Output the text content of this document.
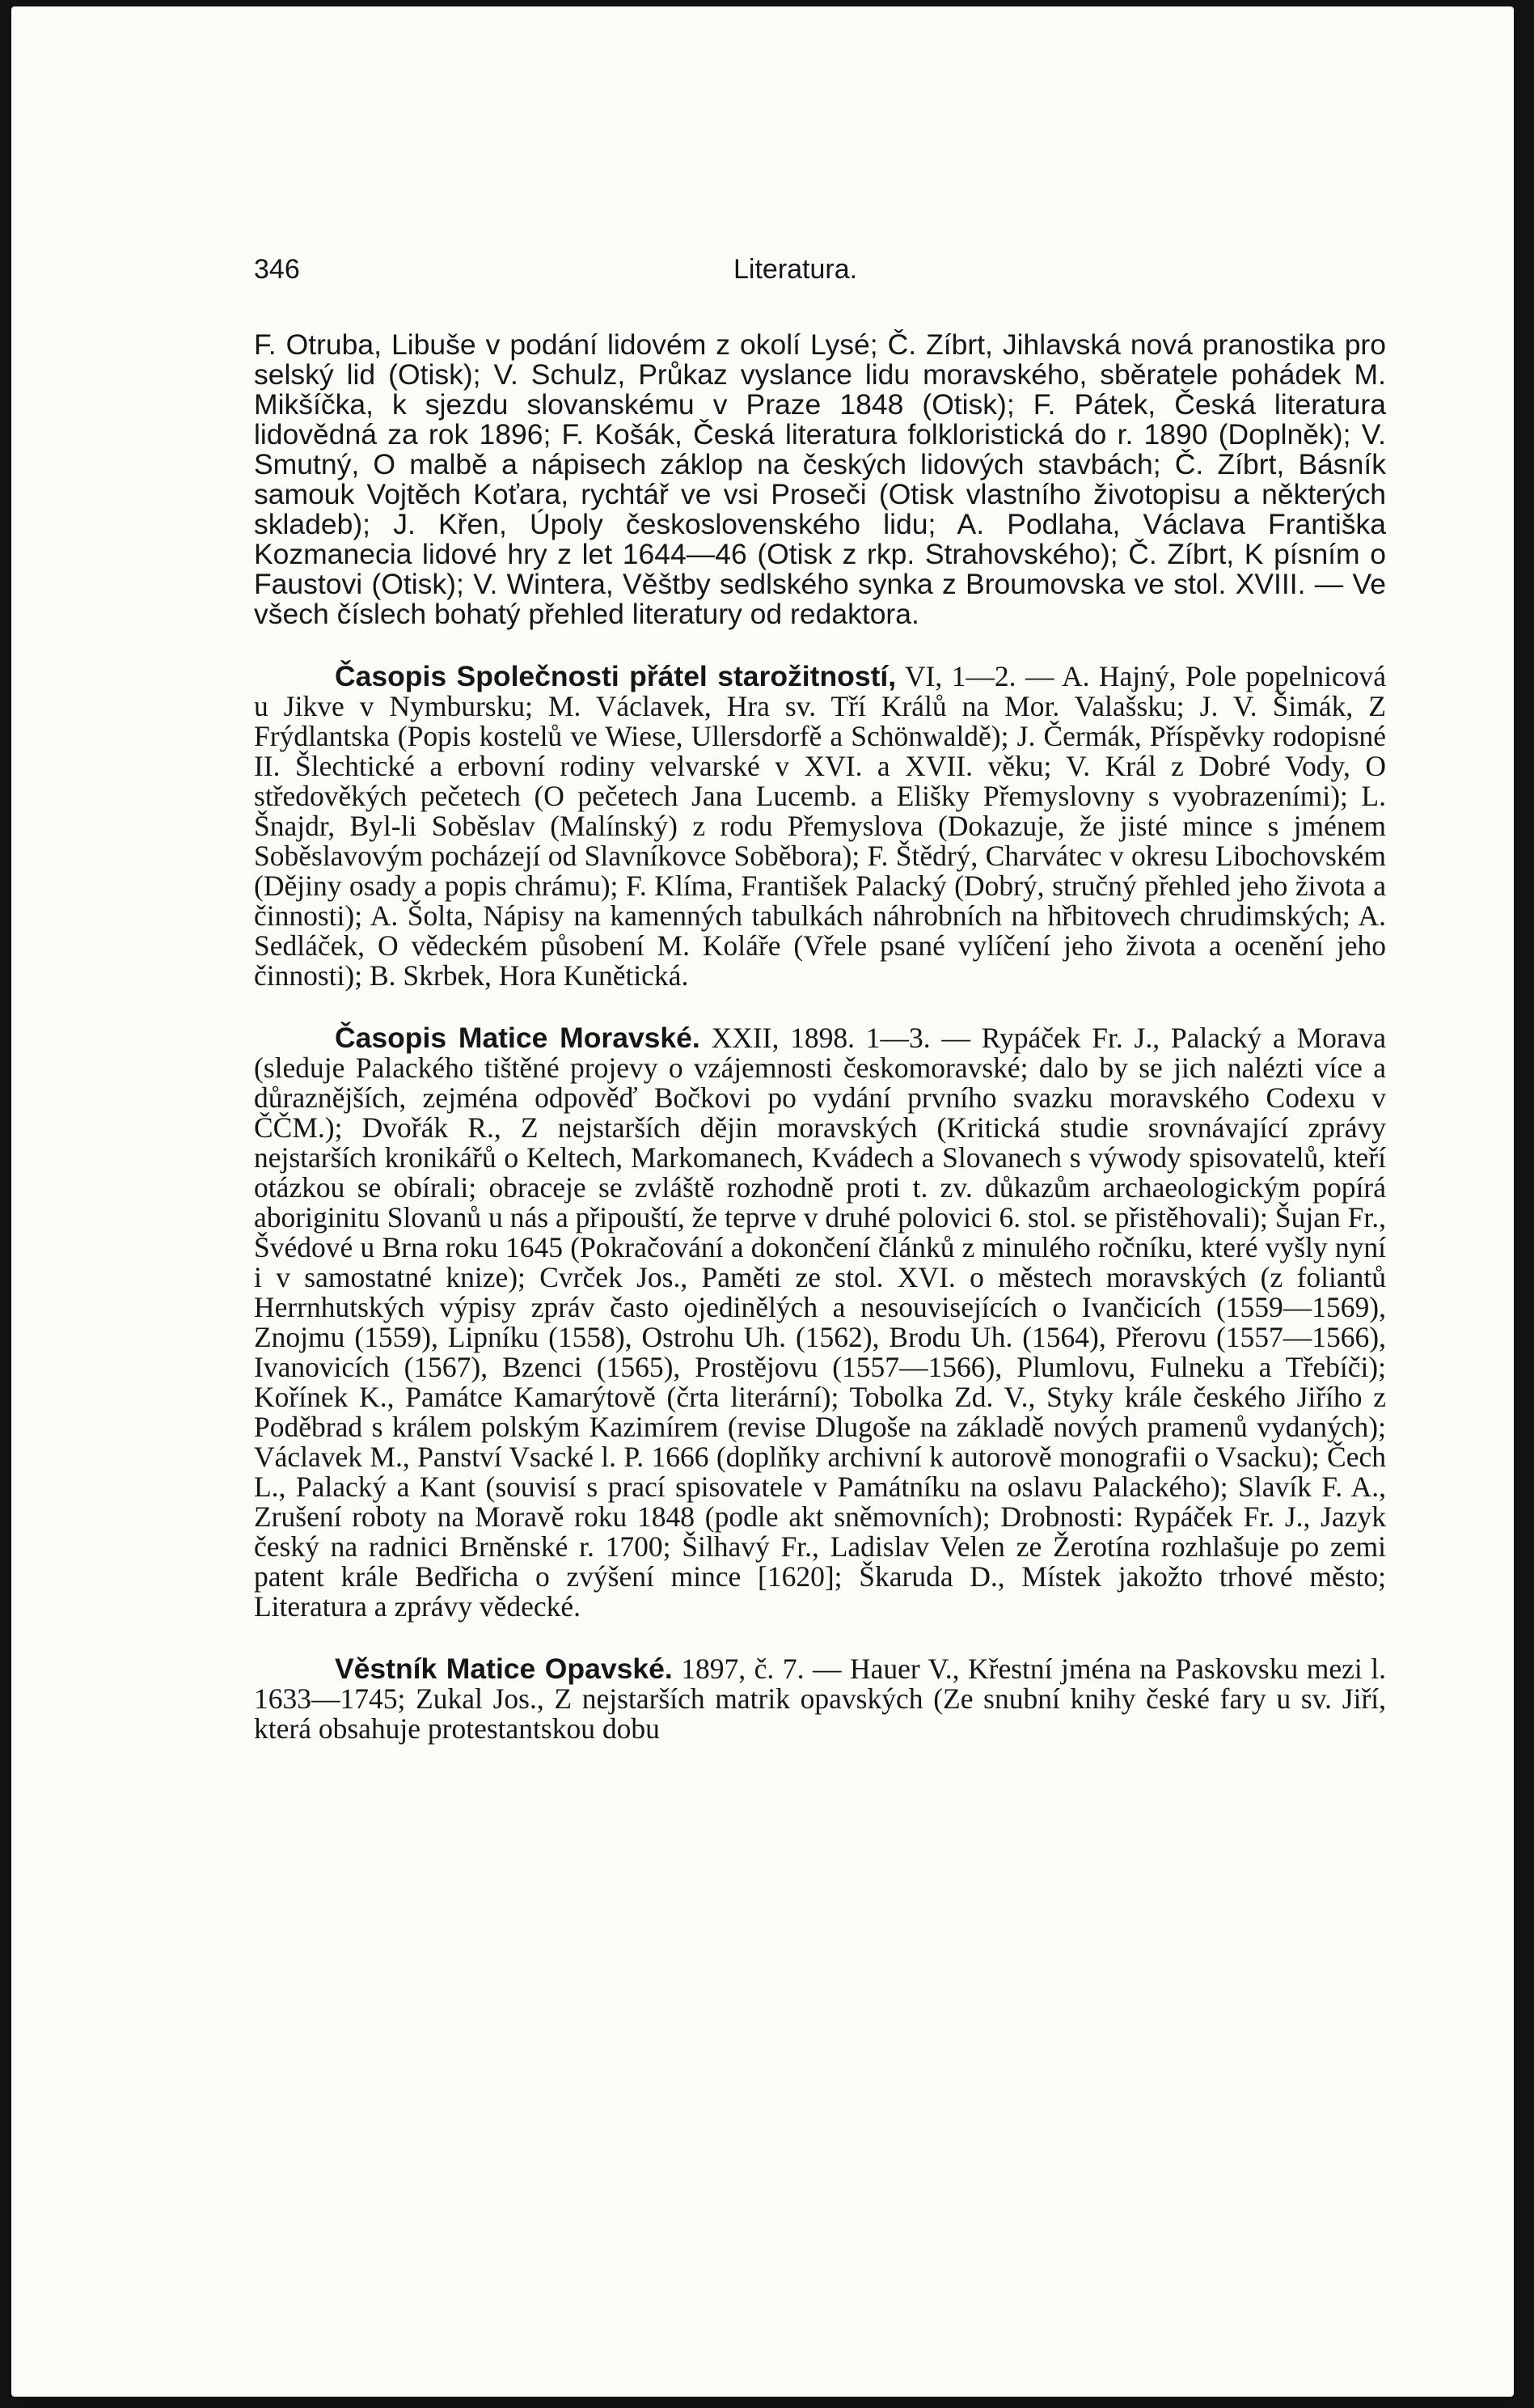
346	Literatura.

F. Otruba, Libuše v podání lidovém z okolí Lysé; Č. Zíbrt, Jihlavská nová pranostika pro selský lid (Otisk); V. Schulz, Průkaz vyslance lidu moravského, sběratele pohádek M. Mikšíčka, k sjezdu slovanskému v Praze 1848 (Otisk); F. Pátek, Česká literatura lidovědná za rok 1896; F. Košák, Česká literatura folkloristická do r. 1890 (Doplněk); V. Smutný, O malbě a nápisech záklop na českých lidových stavbách; Č. Zíbrt, Básník samouk Vojtěch Koťara, rychtář ve vsi Proseči (Otisk vlastního životopisu a některých skladeb); J. Křen, Úpoly československého lidu; A. Podlaha, Václava Františka Kozmanecia lidové hry z let 1644—46 (Otisk z rkp. Strahovského); Č. Zíbrt, K písním o Faustovi (Otisk); V. Wintera, Věštby sedlského synka z Broumovska ve stol. XVIII. — Ve všech číslech bohatý přehled literatury od redaktora.

Časopis Společnosti přátel starožitností, VI, 1—2. — A. Hajný, Pole popelnicová u Jikve v Nymbursku; M. Václavek, Hra sv. Tří Králů na Mor. Valašsku; J. V. Šimák, Z Frýdlantska (Popis kostelů ve Wiese, Ullersdorfě a Schönwaldě); J. Čermák, Příspěvky rodopisné II. Šlechtické a erbovní rodiny velvarské v XVI. a XVII. věku; V. Král z Dobré Vody, O středověkých pečetech (O pečetech Jana Lucemb. a Elišky Přemyslovny s vyobrazeními); L. Šnajdr, Byl-li Soběslav (Malínský) z rodu Přemyslova (Dokazuje, že jisté mince s jménem Soběslavovým pocházejí od Slavníkovce Soběbora); F. Štědrý, Charvátec v okresu Libochovském (Dějiny osady a popis chrámu); F. Klíma, František Palacký (Dobrý, stručný přehled jeho života a činnosti); A. Šolta, Nápisy na kamenných tabulkách náhrobních na hřbitovech chrudimských; A. Sedláček, O vědeckém působení M. Koláře (Vřele psané vylíčení jeho života a ocenění jeho činnosti); B. Skrbek, Hora Kunětická.

Časopis Matice Moravské. XXII, 1898. 1—3. — Rypáček Fr. J., Palacký a Morava (sleduje Palackého tištěné projevy o vzájemnosti českomoravské; dalo by se jich nalézti více a důraznějších, zejména odpověď Bočkovi po vydání prvního svazku moravského Codexu v ČČM.); Dvořák R., Z nejstarších dějin moravských (Kritická studie srovnávající zprávy nejstarších kronikářů o Keltech, Markomanech, Kvádech a Slovanech s výwody spisovatelů, kteří otázkou se obírali; obraceje se zvláště rozhodně proti t. zv. důkazům archaeologickým popírá aboriginitu Slovanů u nás a připouští, že teprve v druhé polovici 6. stol. se přistěhovali); Šujan Fr., Švédové u Brna roku 1645 (Pokračování a dokončení článků z minulého ročníku, které vyšly nyní i v samostatné knize); Cvrček Jos., Paměti ze stol. XVI. o městech moravských (z foliantů Herrnhutských výpisy zpráv často ojedinělých a nesouvisejících o Ivančicích (1559—1569), Znojmu (1559), Lipníku (1558), Ostrohu Uh. (1562), Brodu Uh. (1564), Přerovu (1557—1566), Ivanovicích (1567), Bzenci (1565), Prostějovu (1557—1566), Plumlovu, Fulneku a Třebíči); Kořínek K., Památce Kamarýtově (črta literární); Tobolka Zd. V., Styky krále českého Jiřího z Poděbrad s králem polským Kazimírem (revise Dlugoše na základě nových pramenů vydaných); Václavek M., Panství Vsacké l. P. 1666 (doplňky archivní k autorově monografii o Vsacku); Čech L., Palacký a Kant (souvisí s prací spisovatele v Památníku na oslavu Palackého); Slavík F. A., Zrušení roboty na Moravě roku 1848 (podle akt sněmovních); Drobnosti: Rypáček Fr. J., Jazyk český na radnici Brněnské r. 1700; Šilhavý Fr., Ladislav Velen ze Žerotína rozhlašuje po zemi patent krále Bedřicha o zvýšení mince [1620]; Škaruda D., Místek jakožto trhové město; Literatura a zprávy vědecké.

Věstník Matice Opavské. 1897, č. 7. — Hauer V., Křestní jména na Paskovsku mezi l. 1633—1745; Zukal Jos., Z nejstarších matrik opavských (Ze snubní knihy české fary u sv. Jiří, která obsahuje protestantskou dobu
